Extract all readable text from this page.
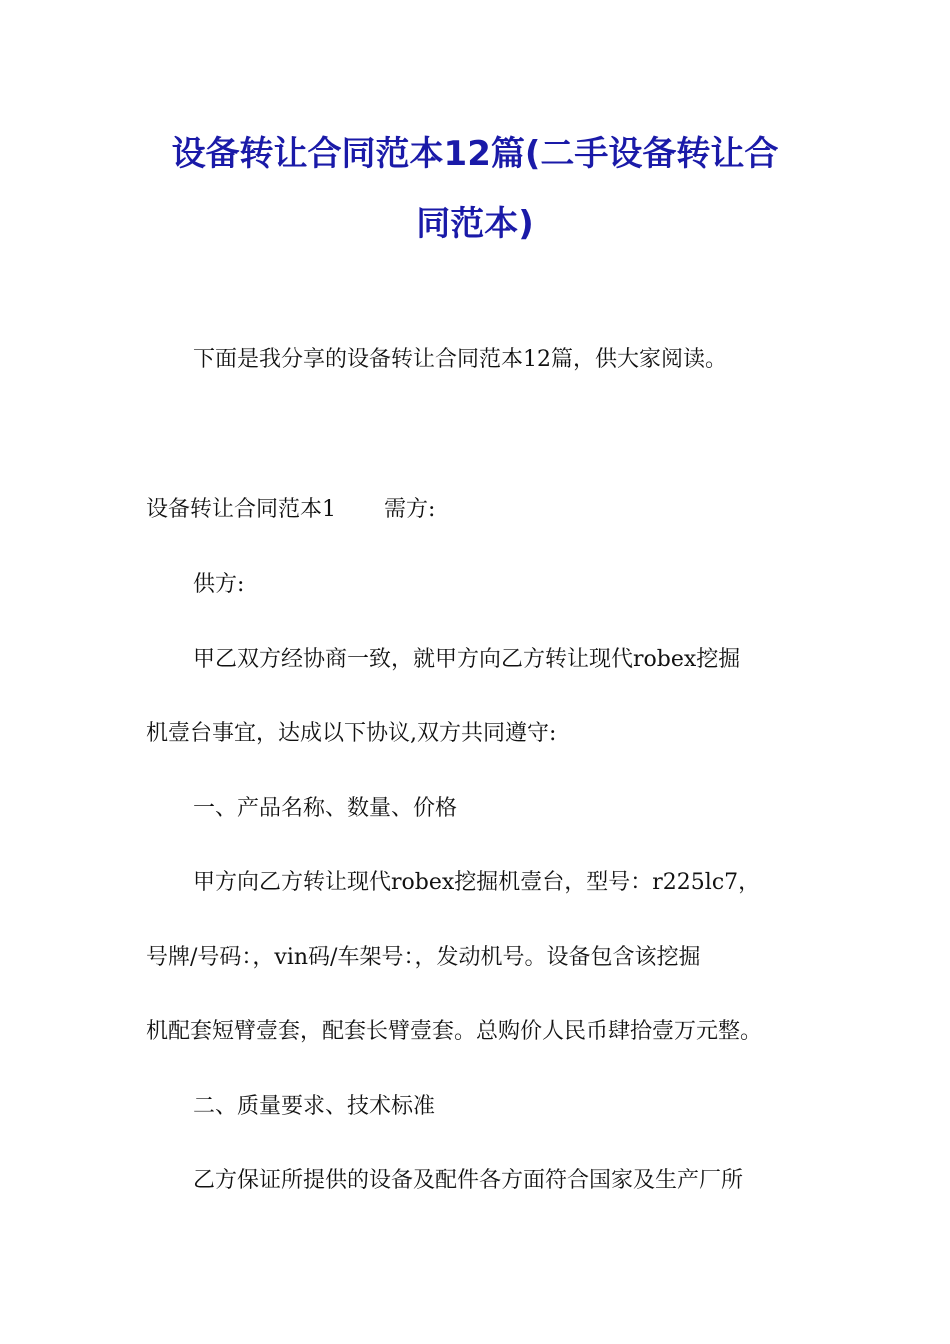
设备转让合同范本12篇(二手设备转让合
同范本)
下面是我分享的设备转让合同范本12篇，供大家阅读。
设备转让合同范本1 需方:
供方:
甲乙双方经协商一致，就甲方向乙方转让现代robex挖掘
机壹台事宜，达成以下协议,双方共同遵守:
一、产品名称、数量、价格
甲方向乙方转让现代robex挖掘机壹台，型号：r225lc7，
号牌/号码：，vin码/车架号：，发动机号。设备包含该挖掘
机配套短臂壹套，配套长臂壹套。总购价人民币肆拾壹万元整。
二、质量要求、技术标准
乙方保证所提供的设备及配件各方面符合国家及生产厂所
